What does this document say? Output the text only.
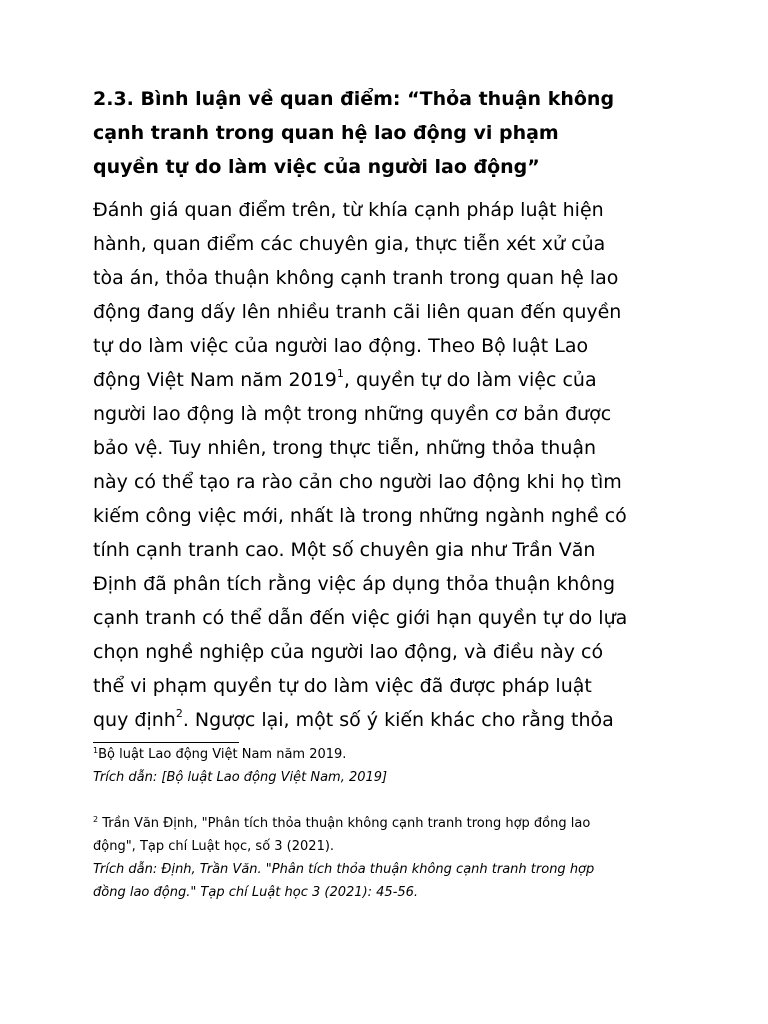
2.3. Bình luận về quan điểm: “Thỏa thuận không
cạnh tranh trong quan hệ lao động vi phạm
quyền tự do làm việc của người lao động”
Đánh giá quan điểm trên, từ khía cạnh pháp luật hiện
hành, quan điểm các chuyên gia, thực tiễn xét xử của
tòa án, thỏa thuận không cạnh tranh trong quan hệ lao
động đang dấy lên nhiều tranh cãi liên quan đến quyền
tự do làm việc của người lao động. Theo Bộ luật Lao
động Việt Nam năm 2019$^1$, quyền tự do làm việc của
người lao động là một trong những quyền cơ bản được
bảo vệ. Tuy nhiên, trong thực tiễn, những thỏa thuận
này có thể tạo ra rào cản cho người lao động khi họ tìm
kiếm công việc mới, nhất là trong những ngành nghề có
tính cạnh tranh cao. Một số chuyên gia như Trần Văn
Định đã phân tích rằng việc áp dụng thỏa thuận không
cạnh tranh có thể dẫn đến việc giới hạn quyền tự do lựa
chọn nghề nghiệp của người lao động, và điều này có
thể vi phạm quyền tự do làm việc đã được pháp luật
quy định$^2$. Ngược lại, một số ý kiến khác cho rằng thỏa
$^1$Bộ luật Lao động Việt Nam năm 2019.
Trích dẫn: [Bộ luật Lao động Việt Nam, 2019]
$^2$ Trần Văn Định, "Phân tích thỏa thuận không cạnh tranh trong hợp đồng lao
động", Tạp chí Luật học, số 3 (2021).
Trích dẫn: Định, Trần Văn. "Phân tích thỏa thuận không cạnh tranh trong hợp
đồng lao động." Tạp chí Luật học 3 (2021): 45-56.
